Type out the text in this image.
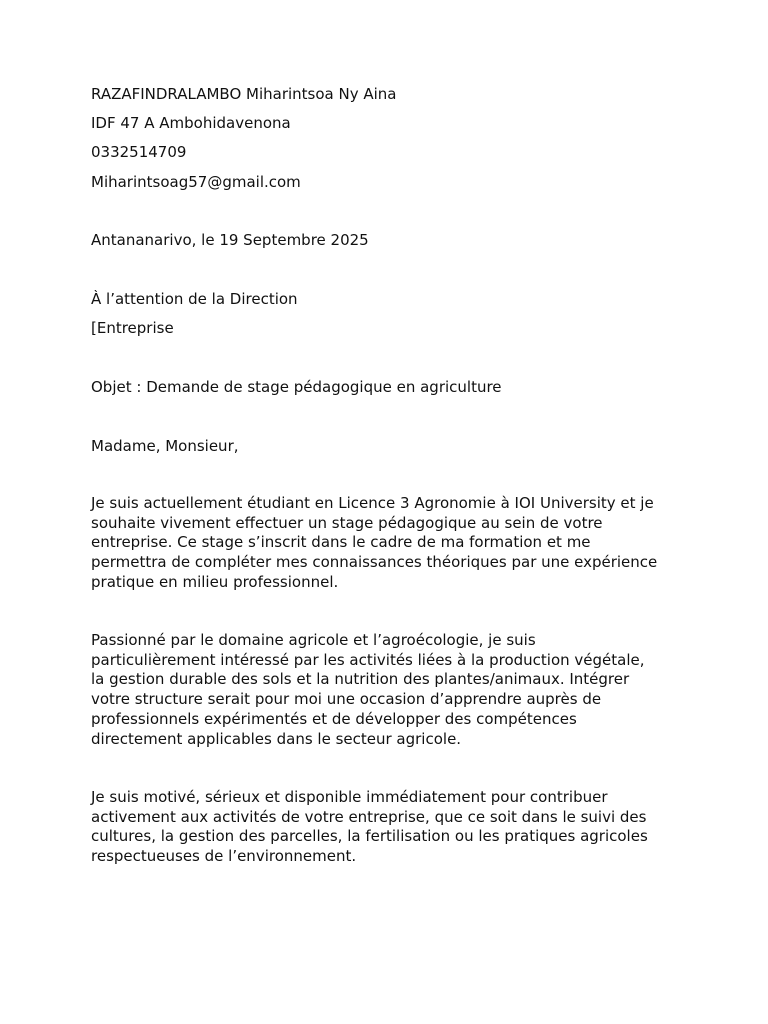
RAZAFINDRALAMBO Miharintsoa Ny Aina

IDF 47 A Ambohidavenona

0332514709

Miharintsoag57@gmail.com

Antananarivo, le 19 Septembre 2025

À l’attention de la Direction

[Entreprise

Objet : Demande de stage pédagogique en agriculture

Madame, Monsieur,

Je suis actuellement étudiant en Licence 3 Agronomie à IOI University et je
souhaite vivement effectuer un stage pédagogique au sein de votre
entreprise. Ce stage s’inscrit dans le cadre de ma formation et me
permettra de compléter mes connaissances théoriques par une expérience
pratique en milieu professionnel.
Passionné par le domaine agricole et l’agroécologie, je suis
particulièrement intéressé par les activités liées à la production végétale,
la gestion durable des sols et la nutrition des plantes/animaux. Intégrer
votre structure serait pour moi une occasion d’apprendre auprès de
professionnels expérimentés et de développer des compétences
directement applicables dans le secteur agricole.
Je suis motivé, sérieux et disponible immédiatement pour contribuer
activement aux activités de votre entreprise, que ce soit dans le suivi des
cultures, la gestion des parcelles, la fertilisation ou les pratiques agricoles
respectueuses de l’environnement.
